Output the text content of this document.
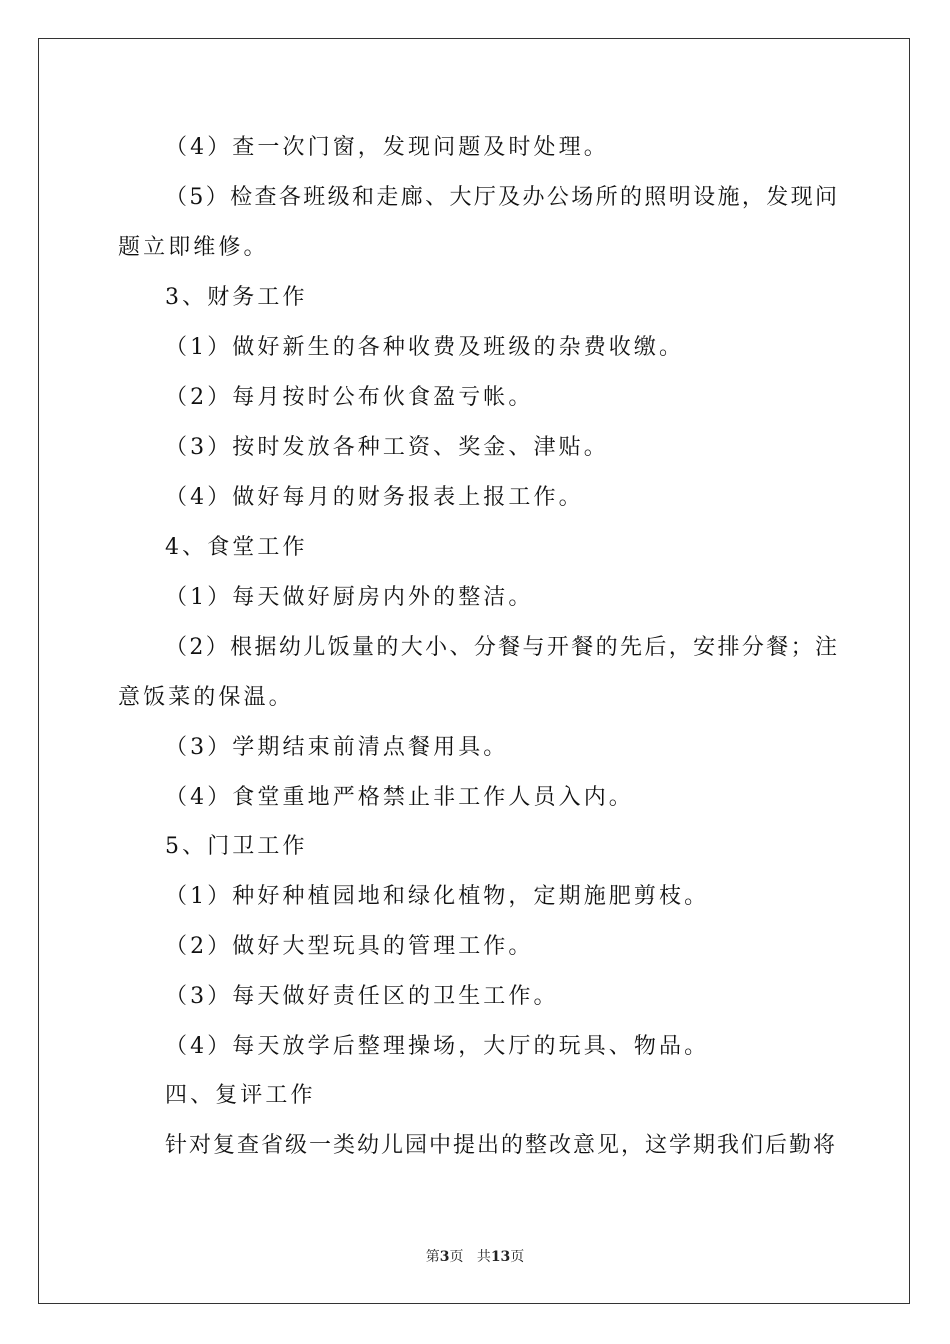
（4）查一次门窗，发现问题及时处理。
（5）检查各班级和走廊、大厅及办公场所的照明设施，发现问
题立即维修。
3、财务工作
（1）做好新生的各种收费及班级的杂费收缴。
（2）每月按时公布伙食盈亏帐。
（3）按时发放各种工资、奖金、津贴。
（4）做好每月的财务报表上报工作。
4、食堂工作
（1）每天做好厨房内外的整洁。
（2）根据幼儿饭量的大小、分餐与开餐的先后，安排分餐；注
意饭菜的保温。
（3）学期结束前清点餐用具。
（4）食堂重地严格禁止非工作人员入内。
5、门卫工作
（1）种好种植园地和绿化植物，定期施肥剪枝。
（2）做好大型玩具的管理工作。
（3）每天做好责任区的卫生工作。
（4）每天放学后整理操场，大厅的玩具、物品。
四、复评工作
针对复查省级一类幼儿园中提出的整改意见，这学期我们后勤将
第3页 共13页
